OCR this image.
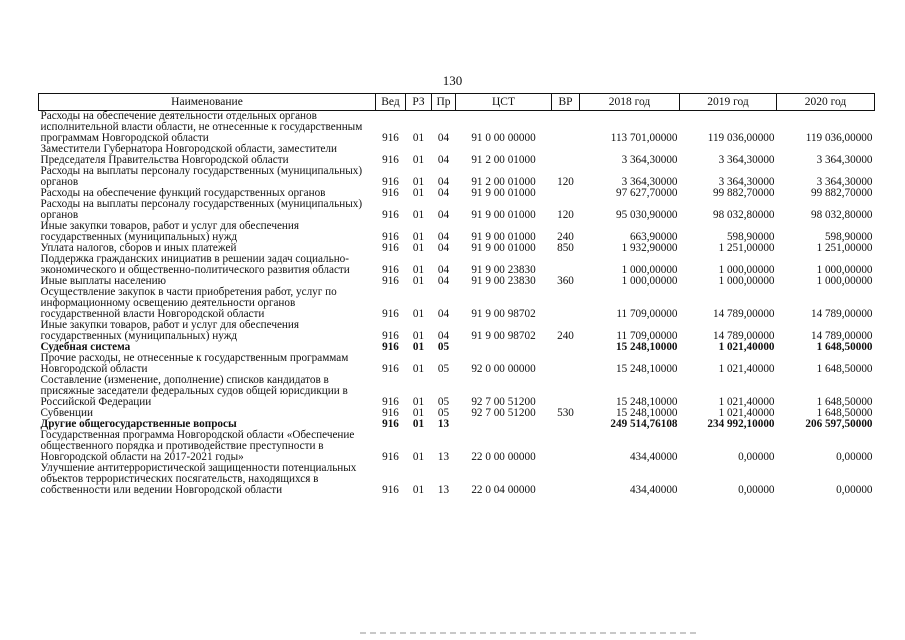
130
Наименование	Вед	РЗ	Пр	ЦСТ	ВР	2018 год	2019 год	2020 год
Расходы на обеспечение деятельности отдельных органов исполнительной власти области, не отнесенные к государственным программам Новгородской области	916	01	04	91 0 00 00000		113 701,00000	119 036,00000	119 036,00000
Заместители Губернатора Новгородской области, заместители Председателя Правительства Новгородской области	916	01	04	91 2 00 01000		3 364,30000	3 364,30000	3 364,30000
Расходы на выплаты персоналу государственных (муниципальных) органов	916	01	04	91 2 00 01000	120	3 364,30000	3 364,30000	3 364,30000
Расходы на обеспечение функций государственных органов	916	01	04	91 9 00 01000		97 627,70000	99 882,70000	99 882,70000
Расходы на выплаты персоналу государственных (муниципальных) органов	916	01	04	91 9 00 01000	120	95 030,90000	98 032,80000	98 032,80000
Иные закупки товаров, работ и услуг для обеспечения государственных (муниципальных) нужд	916	01	04	91 9 00 01000	240	663,90000	598,90000	598,90000
Уплата налогов, сборов и иных платежей	916	01	04	91 9 00 01000	850	1 932,90000	1 251,00000	1 251,00000
Поддержка гражданских инициатив в решении задач социально-экономического и общественно-политического развития области	916	01	04	91 9 00 23830		1 000,00000	1 000,00000	1 000,00000
Иные выплаты населению	916	01	04	91 9 00 23830	360	1 000,00000	1 000,00000	1 000,00000
Осуществление закупок в части приобретения работ, услуг по информационному освещению деятельности органов государственной власти Новгородской области	916	01	04	91 9 00 98702		11 709,00000	14 789,00000	14 789,00000
Иные закупки товаров, работ и услуг для обеспечения государственных (муниципальных) нужд	916	01	04	91 9 00 98702	240	11 709,00000	14 789,00000	14 789,00000
Судебная система	916	01	05			15 248,10000	1 021,40000	1 648,50000
Прочие расходы, не отнесенные к государственным программам Новгородской области	916	01	05	92 0 00 00000		15 248,10000	1 021,40000	1 648,50000
Составление (изменение, дополнение) списков кандидатов в присяжные заседатели федеральных судов общей юрисдикции в Российской Федерации	916	01	05	92 7 00 51200		15 248,10000	1 021,40000	1 648,50000
Субвенции	916	01	05	92 7 00 51200	530	15 248,10000	1 021,40000	1 648,50000
Другие общегосударственные вопросы	916	01	13			249 514,76108	234 992,10000	206 597,50000
Государственная программа Новгородской области «Обеспечение общественного порядка и противодействие преступности в Новгородской области на 2017-2021 годы»	916	01	13	22 0 00 00000		434,40000	0,00000	0,00000
Улучшение антитеррористической защищенности потенциальных объектов террористических посягательств, находящихся в собственности или ведении Новгородской области	916	01	13	22 0 04 00000		434,40000	0,00000	0,00000
